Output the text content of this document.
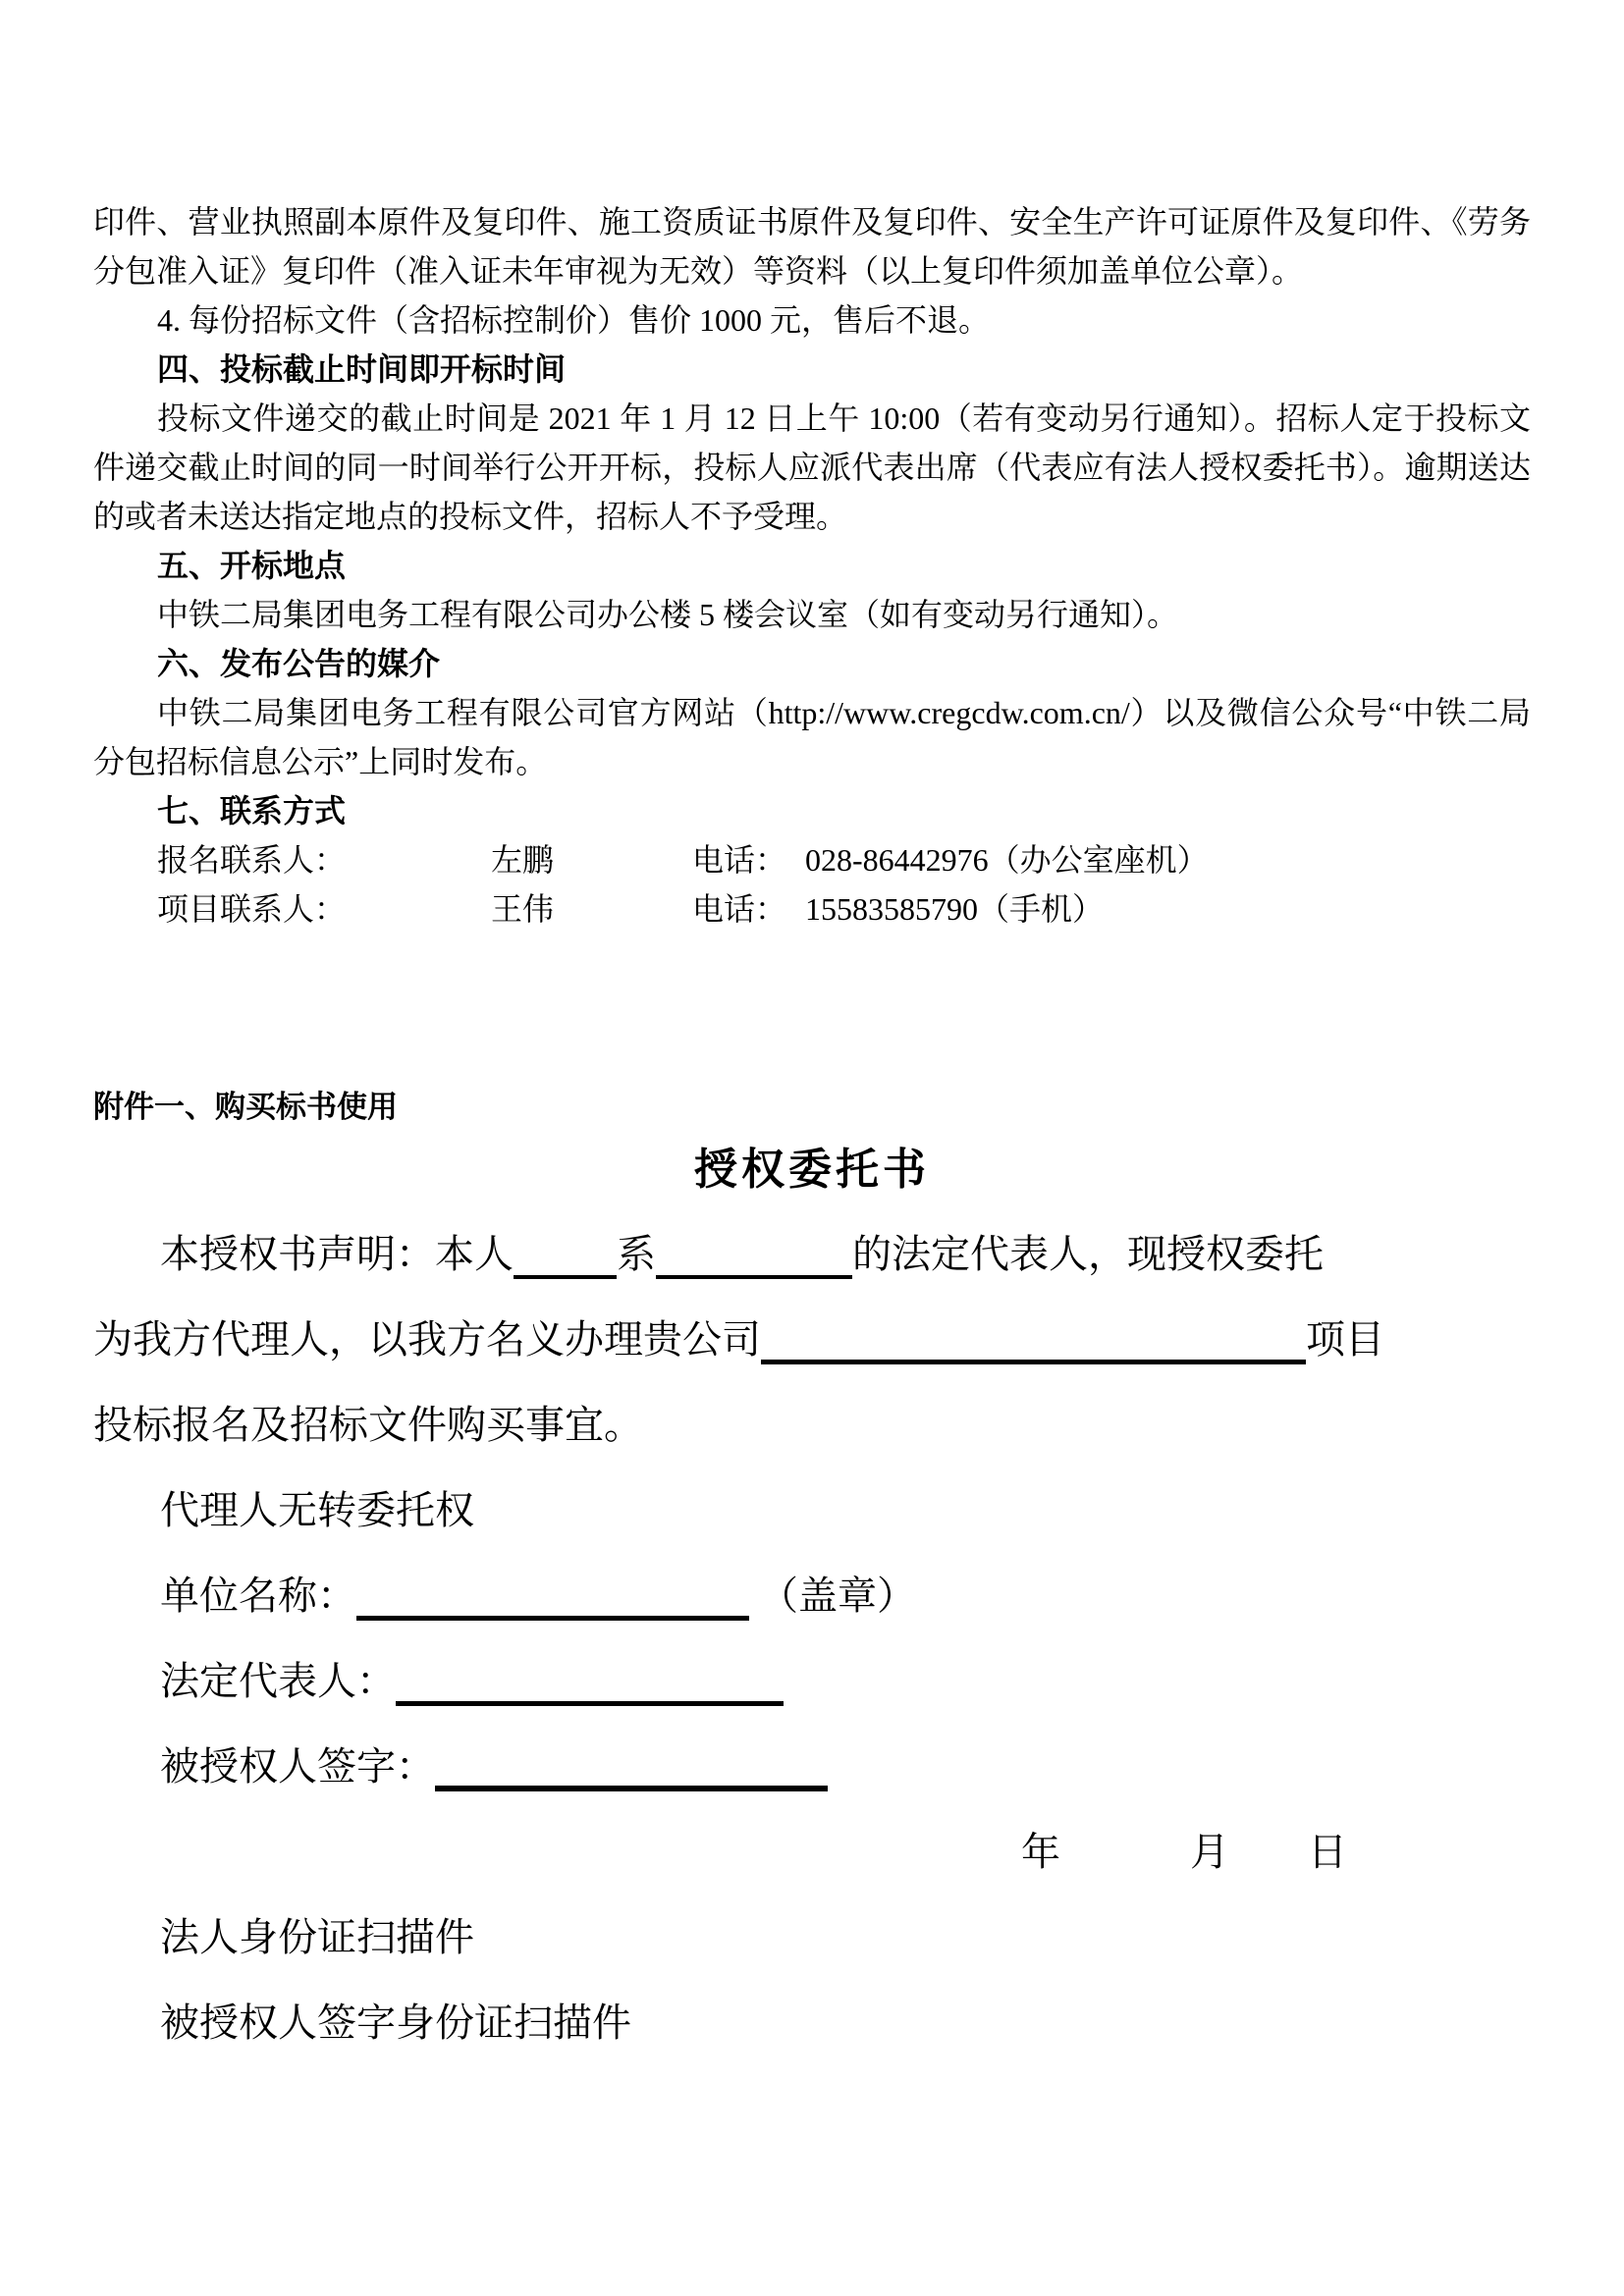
印件、营业执照副本原件及复印件、施工资质证书原件及复印件、安全生产许可证原件及复印件、《劳务分包准入证》复印件（准入证未年审视为无效）等资料（以上复印件须加盖单位公章）。

4. 每份招标文件（含招标控制价）售价 1000 元，售后不退。

四、投标截止时间即开标时间

投标文件递交的截止时间是 2021 年 1 月 12 日上午 10:00（若有变动另行通知）。招标人定于投标文件递交截止时间的同一时间举行公开开标，投标人应派代表出席（代表应有法人授权委托书）。逾期送达的或者未送达指定地点的投标文件，招标人不予受理。

五、开标地点

中铁二局集团电务工程有限公司办公楼 5 楼会议室（如有变动另行通知）。

六、发布公告的媒介

中铁二局集团电务工程有限公司官方网站（http://www.cregcdw.com.cn/）以及微信公众号“中铁二局分包招标信息公示”上同时发布。

七、联系方式

报名联系人：	左鹏	电话： 028-86442976（办公室座机）
项目联系人：	王伟	电话： 15583585790（手机）

附件一、购买标书使用

授权委托书
本授权书声明：本人	系	的法定代表人，现授权委托
为我方代理人，以我方名义办理贵公司	项目
投标报名及招标文件购买事宜。
代理人无转委托权
单位名称：	（盖章）
法定代表人：
被授权人签字：
年	月 日
法人身份证扫描件
被授权人签字身份证扫描件
